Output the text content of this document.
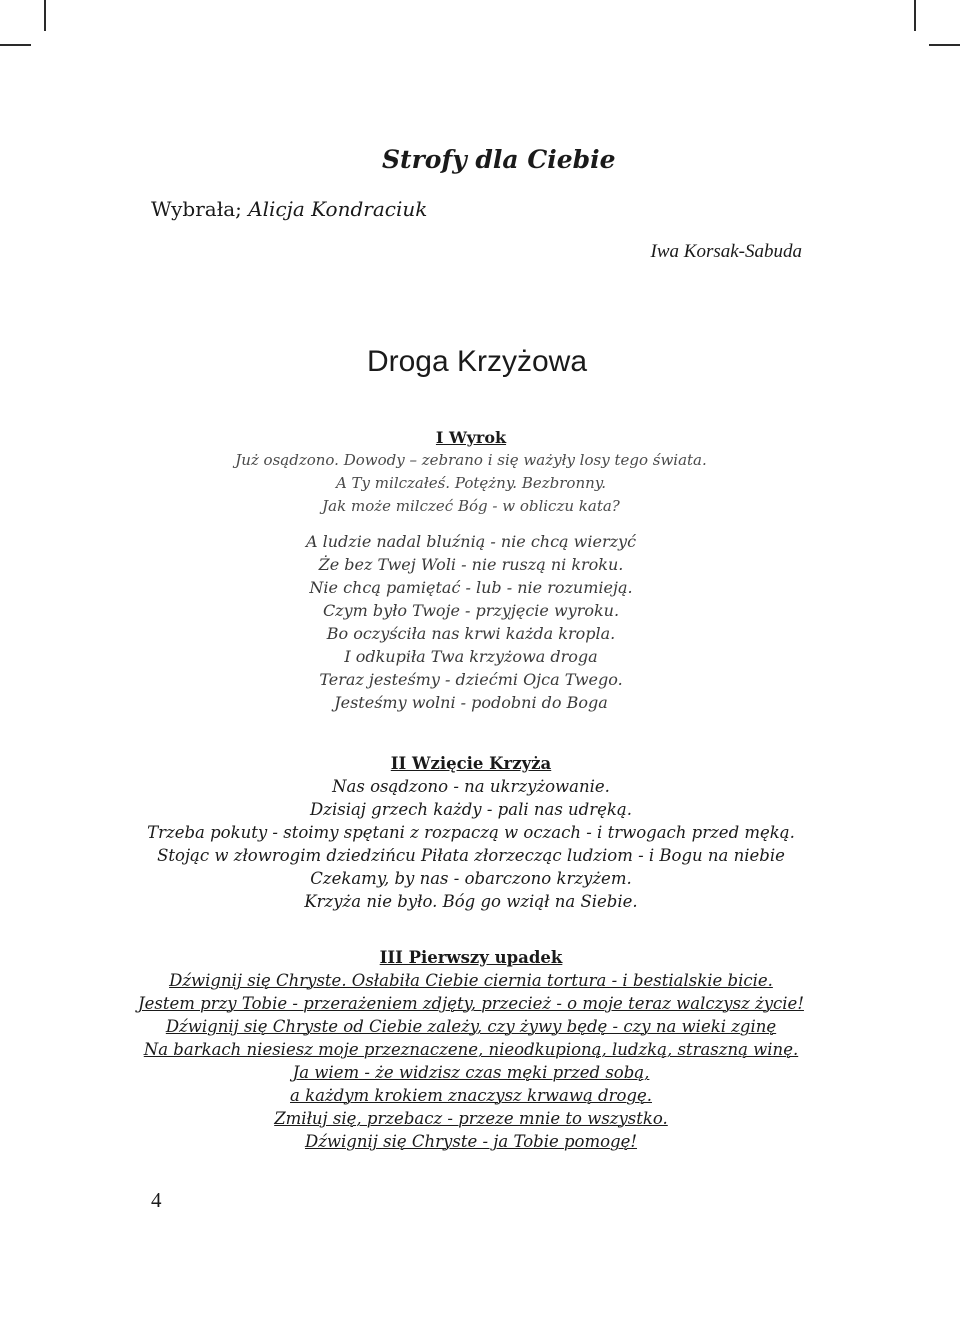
Strofy dla Ciebie
Wybrała; Alicja Kondraciuk
Iwa Korsak-Sabuda
Droga Krzyżowa
I Wyrok
Już osądzono. Dowody – zebrano i się ważyły losy tego świata.
A Ty milczałeś. Potężny. Bezbronny.
Jak może milczeć Bóg - w obliczu kata?
A ludzie nadal bluźnią - nie chcą wierzyć
Że bez Twej Woli - nie ruszą ni kroku.
Nie chcą pamiętać - lub - nie rozumieją.
Czym było Twoje - przyjęcie wyroku.
Bo oczyściła nas krwi każda kropla.
I odkupiła Twa krzyżowa droga
Teraz jesteśmy - dziećmi Ojca Twego.
Jesteśmy wolni - podobni do Boga
II Wzięcie Krzyża
Nas osądzono - na ukrzyżowanie.
Dzisiaj grzech każdy - pali nas udręką.
Trzeba pokuty - stoimy spętani z rozpaczą w oczach - i trwogach przed męką. Stojąc w złowrogim dziedzińcu Piłata złorzecząc ludziom - i Bogu na niebie Czekamy, by nas - obarczono krzyżem.
Krzyża nie było. Bóg go wziął na Siebie.
III Pierwszy upadek
Dźwignij się Chryste. Osłabiła Ciebie ciernia tortura - i bestialskie bicie.
Jestem przy Tobie - przerażeniem zdjęty, przecież - o moje teraz walczysz życie!
Dźwignij się Chryste od Ciebie zależy, czy żywy będę - czy na wieki zginę
Na barkach niesiesz moje przeznaczene, nieodkupioną, ludzką, straszną winę.
Ja wiem - że widzisz czas męki przed sobą,
a każdym krokiem znaczysz krwawą drogę.
Zmiłuj się, przebacz - przeze mnie to wszystko.
Dźwignij się Chryste - ja Tobie pomogę!
4
